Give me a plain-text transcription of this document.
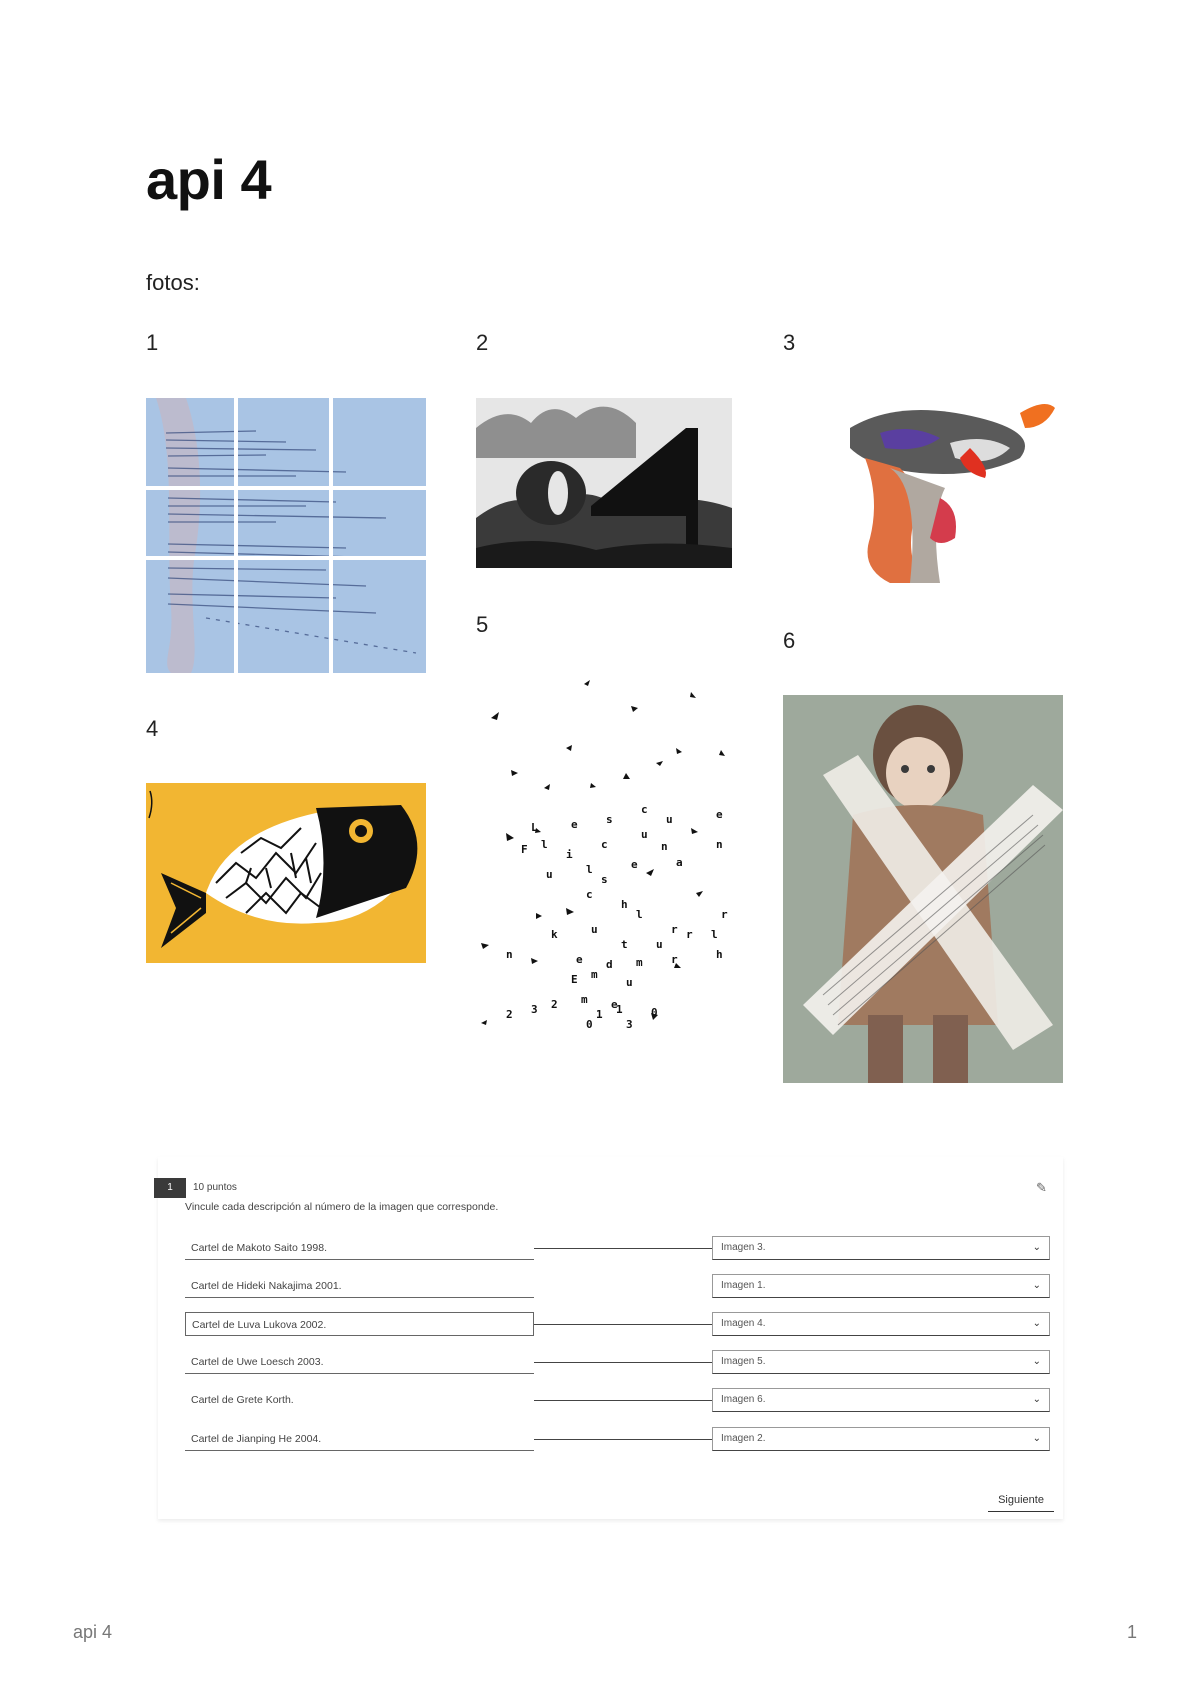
api 4
fotos:
1	2	3
4
5
6
L	e	s
c
u	e
F l
i
c
u
n
u	l
s
e	a
n
c
h
k	u
l
r
r
t	u
r l
n	e d m	r	h
E m
u
m e
2 3 2
1 1	0
0	3
1	10 puntos
Vincule cada descripción al número de la imagen que corresponde.
✎
Cartel de Makoto Saito 1998.	Imagen 3.	⌄
Cartel de Hideki Nakajima 2001.	Imagen 1.	⌄
Cartel de Luva Lukova 2002.	Imagen 4.	⌄
Cartel de Uwe Loesch 2003.	Imagen 5.	⌄
Cartel de Grete Korth.	Imagen 6.	⌄
Cartel de Jianping He 2004.	Imagen 2.	⌄
Siguiente
api 4	1
